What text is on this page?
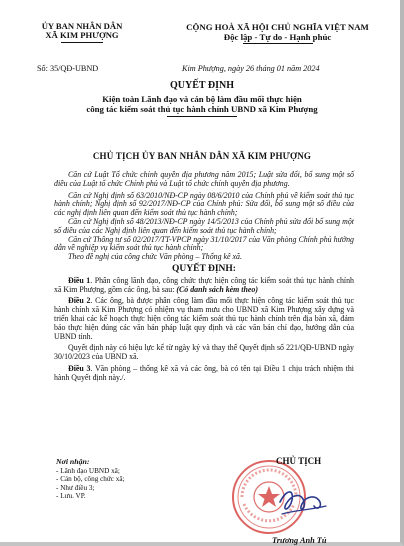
ỦY BAN NHÂN DÂN
XÃ KIM PHƯỢNG
CỘNG HOÀ XÃ HỘI CHỦ NGHĨA VIỆT NAM
Độc lập - Tự do - Hạnh phúc
Số: 35/QĐ-UBND	Kim Phượng, ngày 26 tháng 01 năm 2024
QUYẾT ĐỊNH
Kiện toàn Lãnh đạo và cán bộ làm đầu mối thực hiện
công tác kiểm soát thủ tục hành chính UBND xã Kim Phượng
CHỦ TỊCH ỦY BAN NHÂN DÂN XÃ KIM PHƯỢNG

Căn cứ Luật Tổ chức chính quyền địa phương năm 2015; Luật sửa đổi, bổ sung một số điều của Luật tổ chức Chính phủ và Luật tổ chức chính quyền địa phương.

Căn cứ Nghị định số 63/2010/NĐ-CP ngày 08/6/2010 của Chính phủ về kiểm soát thủ tục hành chính; Nghị định số 92/2017/NĐ-CP của Chính phủ: Sửa đổi, bổ sung một số điều của các nghị định liên quan đến kiểm soát thủ tục hành chính;

Căn cứ Nghị định số 48/2013/NĐ-CP ngày 14/5/2013 của Chính phủ sửa đổi bổ sung một số điều của các Nghị định liên quan đến kiểm soát thủ tục hành chính;

Căn cứ Thông tư số 02/2017/TT-VPCP ngày 31/10/2017 của Văn phòng Chính phủ hướng dẫn về nghiệp vụ kiểm soát thủ tục hành chính;

Theo đề nghị của công chức Văn phòng – Thống kê xã.

QUYẾT ĐỊNH:

Điều 1. Phân công lãnh đạo, công chức thực hiện công tác kiểm soát thủ tục hành chính xã Kim Phượng, gồm các ông, bà sau: (Có danh sách kèm theo)

Điều 2. Các ông, bà được phân công làm đầu mối thực hiện công tác kiểm soát thủ tục hành chính xã Kim Phượng có nhiệm vụ tham mưu cho UBND xã Kim Phượng xây dựng và triển khai các kế hoạch thực hiện công tác kiểm soát thủ tục hành chính trên địa bàn xã, đảm bảo thực hiện đúng các văn bản pháp luật quy định và các văn bản chỉ đạo, hướng dẫn của UBND tỉnh.

Quyết định này có hiệu lực kể từ ngày ký và thay thế Quyết định số 221/QĐ-UBND ngày 30/10/2023 của UBND xã.

Điều 3. Văn phòng – thống kê xã và các ông, bà có tên tại Điều 1 chịu trách nhiệm thi hành Quyết định này./.

Nơi nhận:
- Lãnh đạo UBND xã;
- Cán bộ, công chức xã;
- Như điều 3;
- Lưu. VP.
CHỦ TỊCH
Trương Anh Tú
